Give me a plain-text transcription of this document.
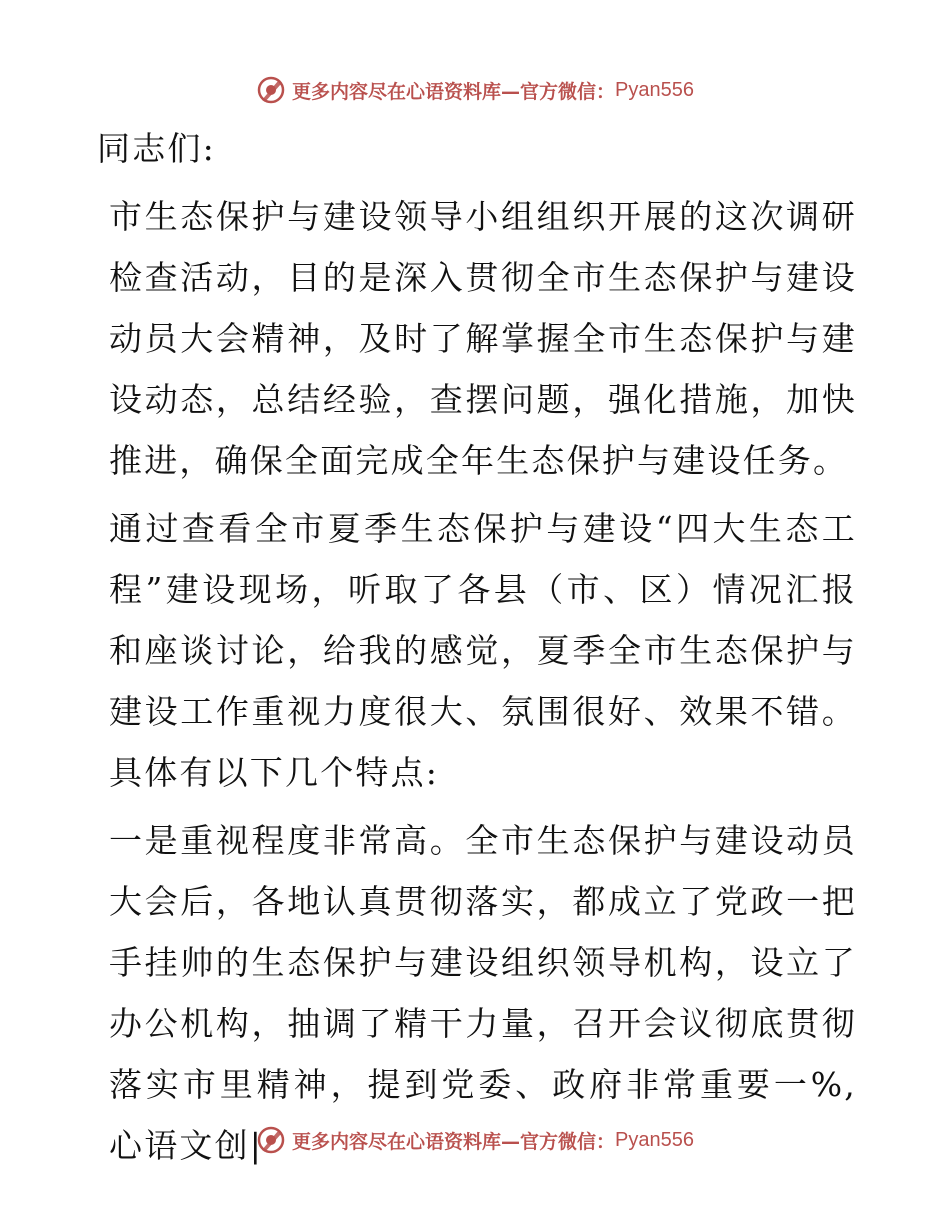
更多内容尽在心语资料库—官方微信： Pyan556

同志们:

市生态保护与建设领导小组组织开展的这次调研检查活动，目的是深入贯彻全市生态保护与建设动员大会精神，及时了解掌握全市生态保护与建设动态，总结经验，查摆问题，强化措施，加快推进，确保全面完成全年生态保护与建设任务。

通过查看全市夏季生态保护与建设“四大生态工程”建设现场，听取了各县（市、区）情况汇报和座谈讨论，给我的感觉，夏季全市生态保护与建设工作重视力度很大、氛围很好、效果不错。具体有以下几个特点:

一是重视程度非常高。全市生态保护与建设动员大会后，各地认真贯彻落实，都成立了党政一把手挂帅的生态保护与建设组织领导机构，设立了办公机构，抽调了精干力量，召开会议彻底贯彻落实市里精神，提到党委、政府非常重要一%,心语文创|	更多内容尽在心语资料库—官方微信： Pyan556
